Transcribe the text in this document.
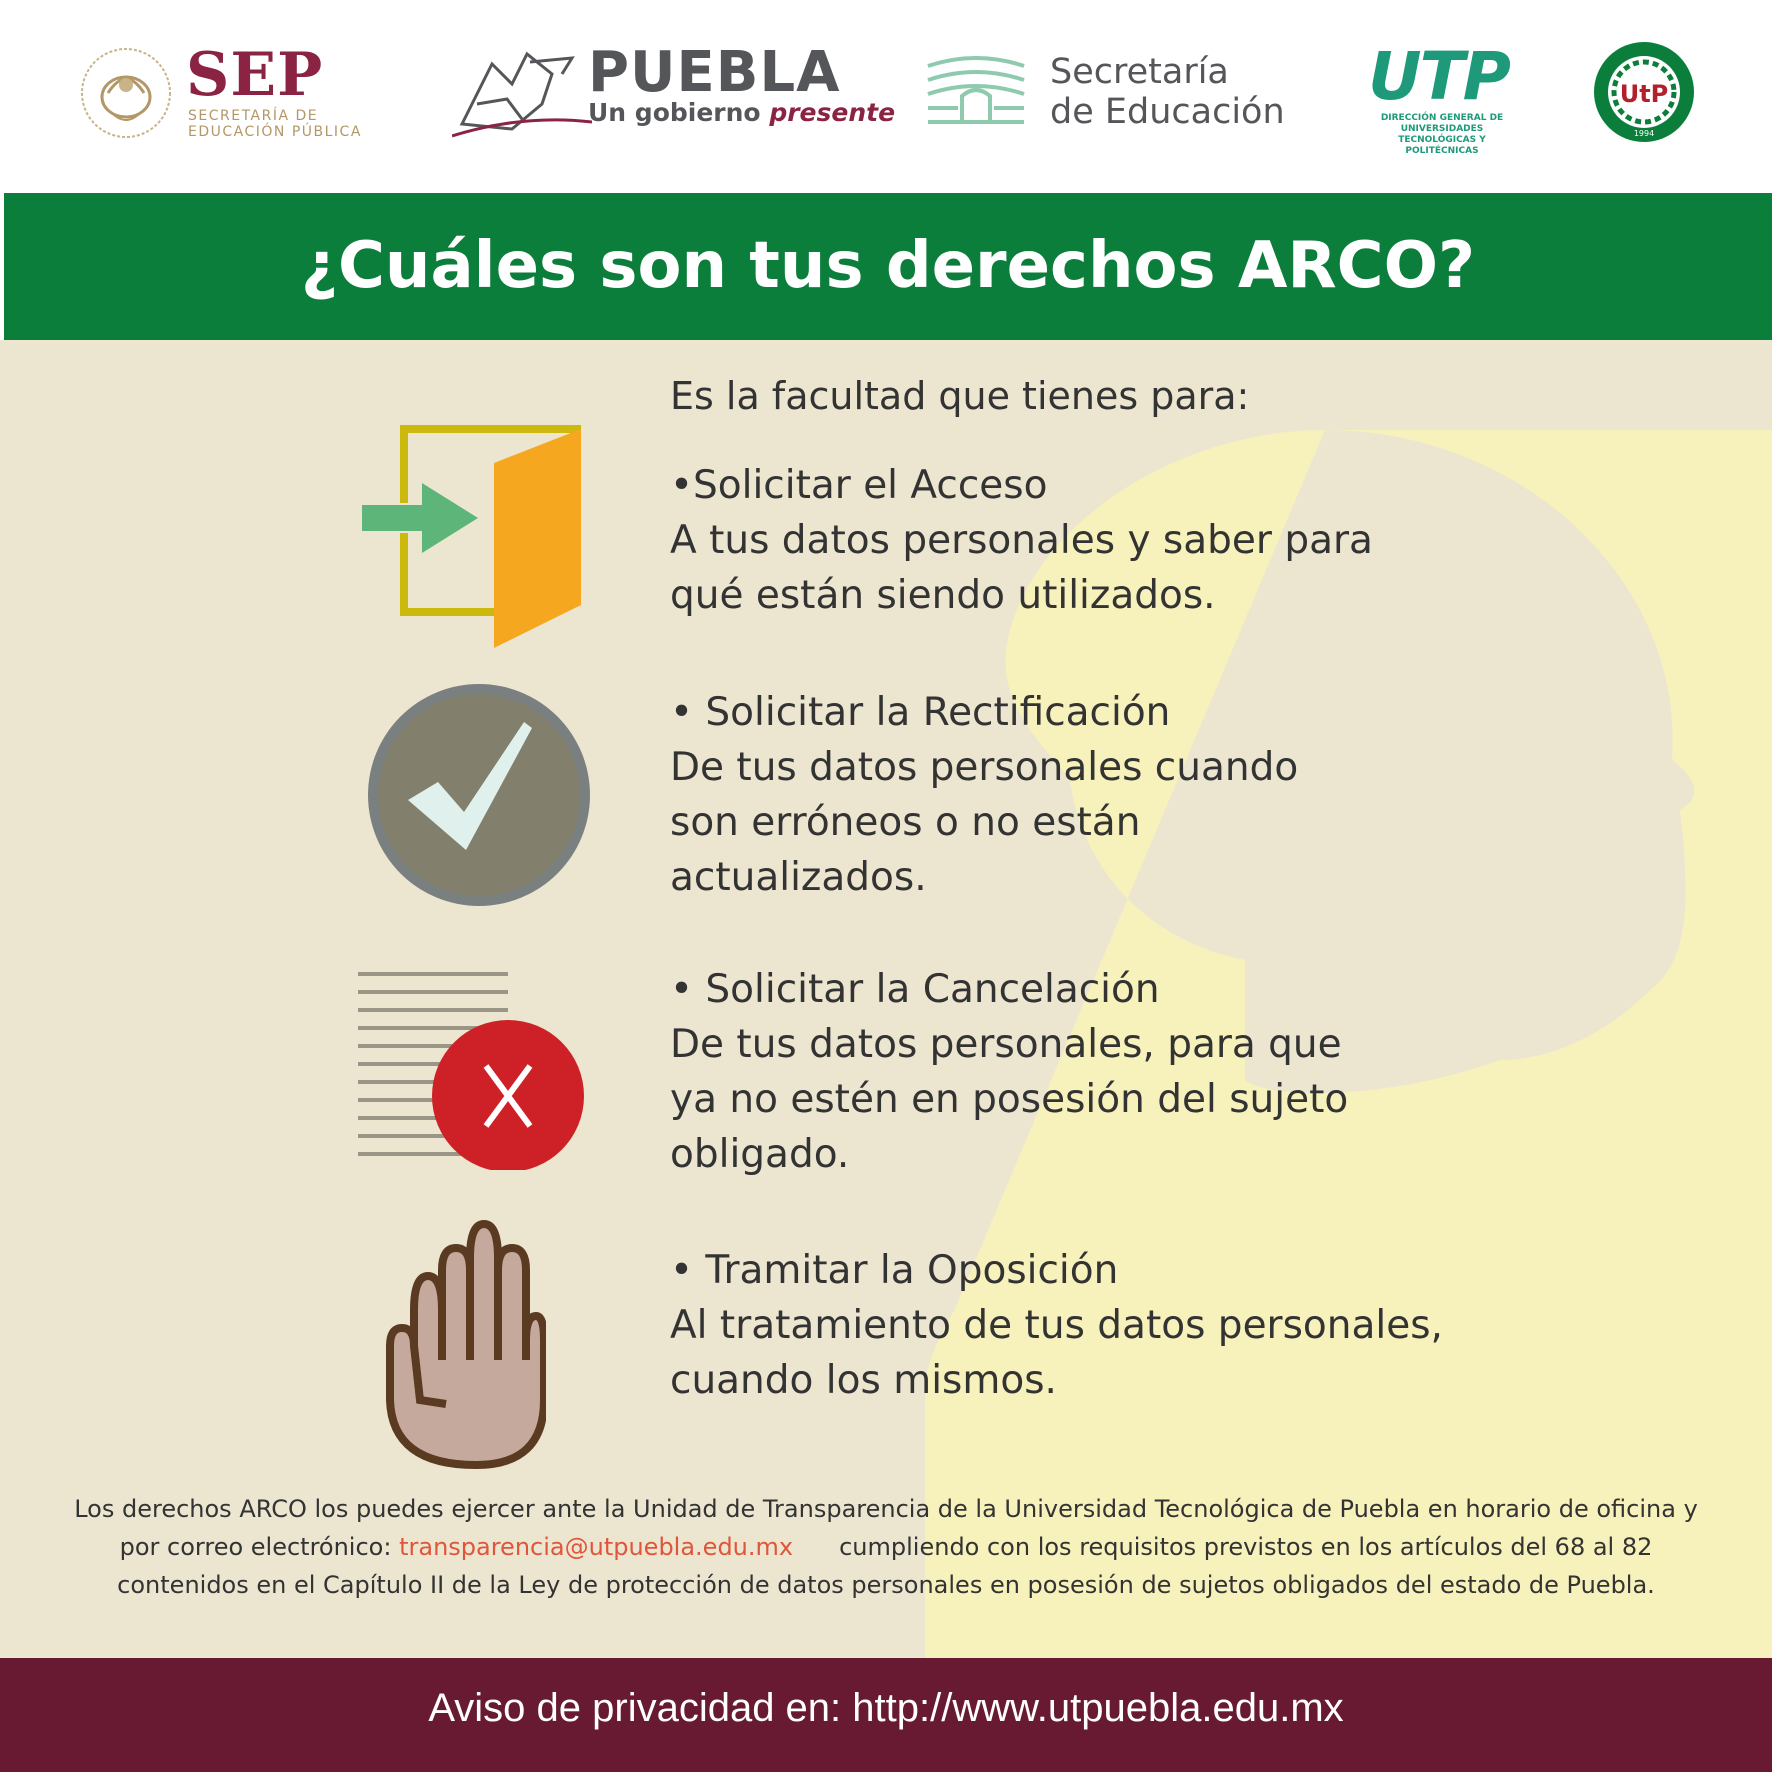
SEP
SECRETARÍA DE
EDUCACIÓN PÚBLICA
PUEBLA
Un gobierno presente
Secretaría
de Educación UTP
DIRECCIÓN GENERAL DE UNIVERSIDADES
TECNOLÓGICAS Y POLITÉCNICAS
UtP
1994
¿Cuáles son tus derechos ARCO?
Es la facultad que tienes para:
•Solicitar el Acceso
A tus datos personales y saber para
qué están siendo utilizados.
• Solicitar la Rectificación
De tus datos personales cuando
son erróneos o no están
actualizados.
• Solicitar la Cancelación
De tus datos personales, para que
ya no estén en posesión del sujeto
obligado.
• Tramitar la Oposición
Al tratamiento de tus datos personales,
cuando los mismos.
Los derechos ARCO los puedes ejercer ante la Unidad de Transparencia de la Universidad Tecnológica de Puebla en horario de oficina y
por correo electrónico: transparencia@utpuebla.edu.mx cumpliendo con los requisitos previstos en los artículos del 68 al 82
contenidos en el Capítulo II de la Ley de protección de datos personales en posesión de sujetos obligados del estado de Puebla.
Aviso de privacidad en: http://www.utpuebla.edu.mx
